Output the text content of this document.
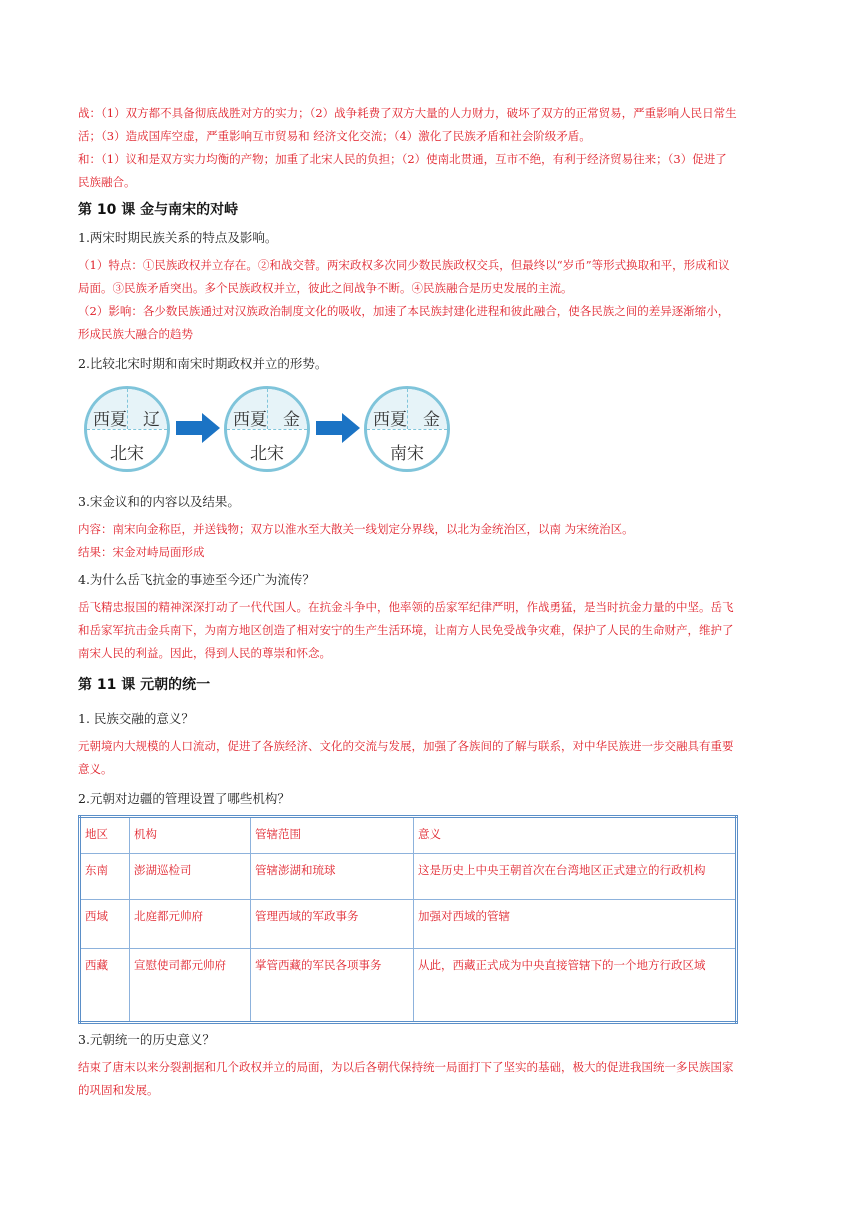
战：（1）双方都不具备彻底战胜对方的实力；（2）战争耗费了双方大量的人力财力，破坏了双方的正常贸易，严重影响人民日常生活；（3）造成国库空虚，严重影响互市贸易和 经济文化交流；（4）激化了民族矛盾和社会阶级矛盾。

和：（1）议和是双方实力均衡的产物；加重了北宋人民的负担；（2）使南北贯通，互市不绝，有利于经济贸易往来；（3）促进了民族融合。

第 10 课 金与南宋的对峙

1.两宋时期民族关系的特点及影响。

（1）特点：①民族政权并立存在。②和战交替。两宋政权多次同少数民族政权交兵，但最终以“岁币”等形式换取和平，形成和议局面。③民族矛盾突出。多个民族政权并立，彼此之间战争不断。④民族融合是历史发展的主流。

（2）影响：各少数民族通过对汉族政治制度文化的吸收，加速了本民族封建化进程和彼此融合，使各民族之间的差异逐渐缩小，形成民族大融合的趋势

2.比较北宋时期和南宋时期政权并立的形势。

西夏 辽
北宋
西夏 金
北宋
西夏 金
南宋

3.宋金议和的内容以及结果。

内容：南宋向金称臣，并送钱物；双方以淮水至大散关一线划定分界线，以北为金统治区，以南 为宋统治区。

结果：宋金对峙局面形成

4.为什么岳飞抗金的事迹至今还广为流传？

岳飞精忠报国的精神深深打动了一代代国人。在抗金斗争中，他率领的岳家军纪律严明，作战勇猛，是当时抗金力量的中坚。岳飞和岳家军抗击金兵南下，为南方地区创造了相对安宁的生产生活环境，让南方人民免受战争灾难，保护了人民的生命财产，维护了南宋人民的利益。因此，得到人民的尊崇和怀念。

第 11 课 元朝的统一

1. 民族交融的意义？

元朝境内大规模的人口流动，促进了各族经济、文化的交流与发展，加强了各族间的了解与联系，对中华民族进一步交融具有重要意义。

2.元朝对边疆的管理设置了哪些机构？

地区	机构	管辖范围	意义
东南	澎湖巡检司	管辖澎湖和琉球	这是历史上中央王朝首次在台湾地区正式建立的行政机构
西域	北庭都元帅府	管理西域的军政事务	加强对西域的管辖
西藏	宣慰使司都元帅府	掌管西藏的军民各项事务	从此，西藏正式成为中央直接管辖下的一个地方行政区域

3.元朝统一的历史意义？

结束了唐末以来分裂割据和几个政权并立的局面，为以后各朝代保持统一局面打下了坚实的基础，极大的促进我国统一多民族国家的巩固和发展。
